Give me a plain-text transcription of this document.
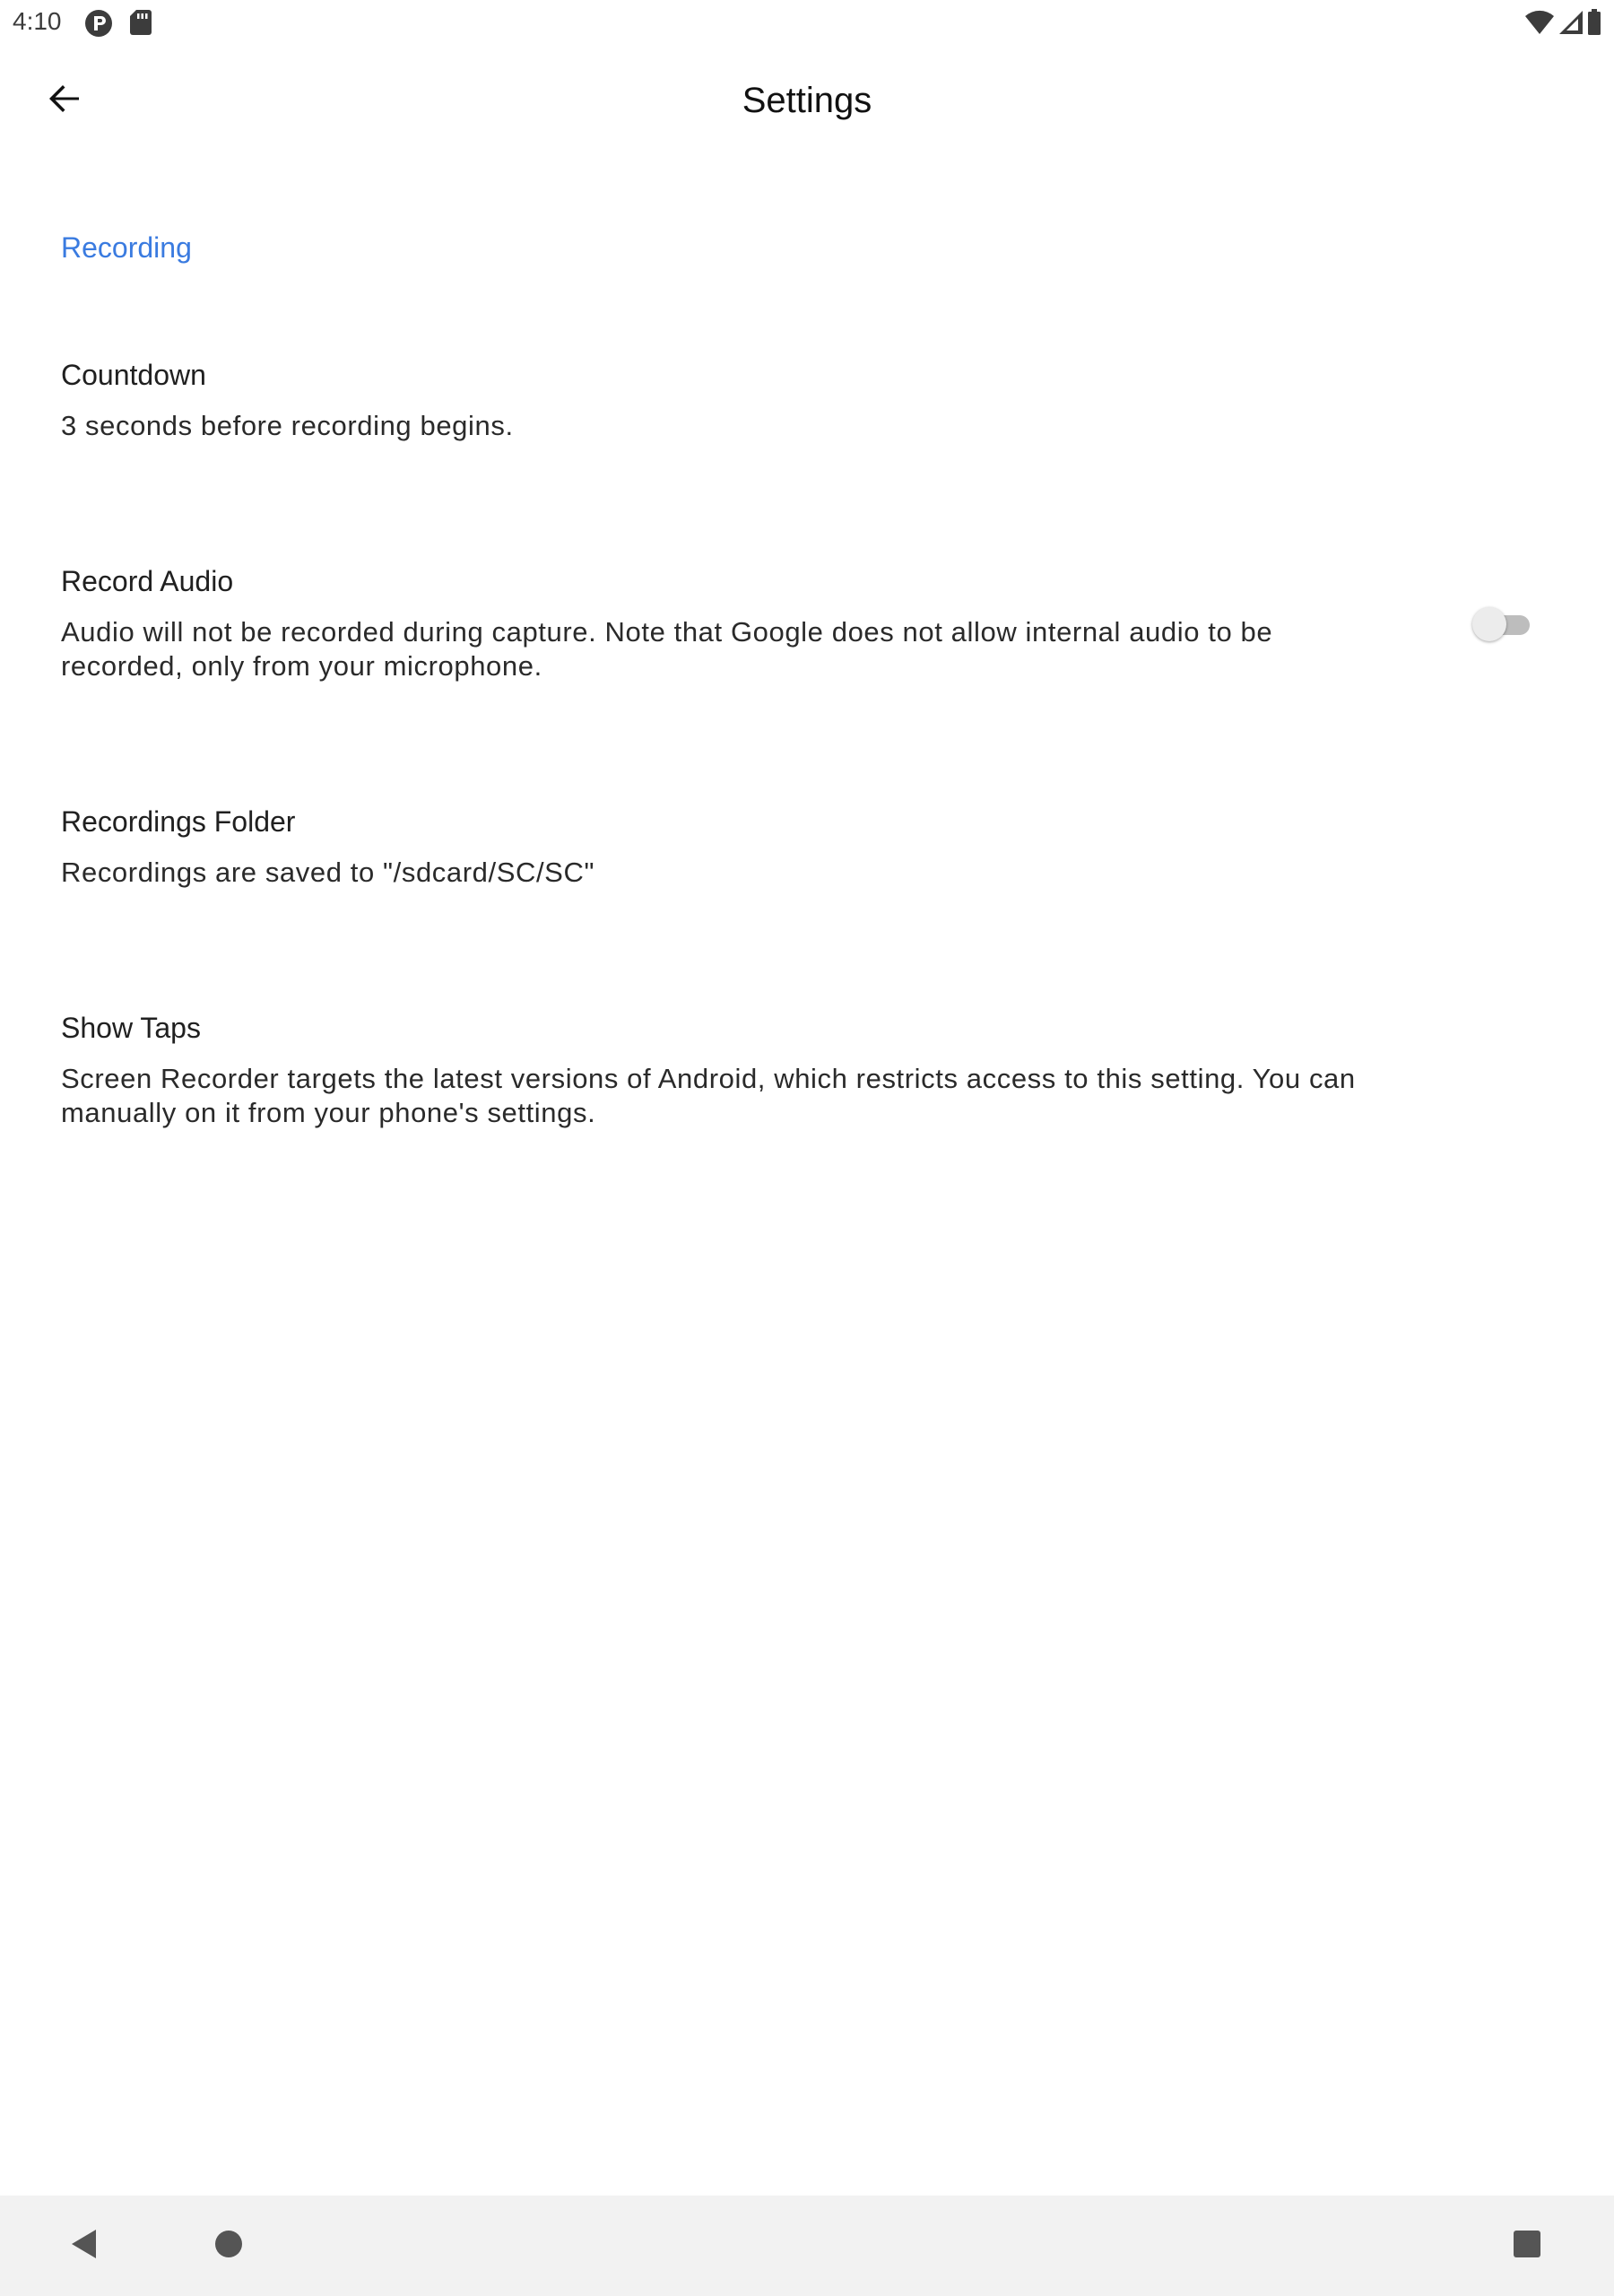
4:10
Settings
Recording
Countdown
3 seconds before recording begins.
Record Audio
Audio will not be recorded during capture. Note that Google does not allow internal audio to be recorded, only from your microphone.
Recordings Folder
Recordings are saved to "/sdcard/SC/SC"
Show Taps
Screen Recorder targets the latest versions of Android, which restricts access to this setting. You can manually on it from your phone's settings.
